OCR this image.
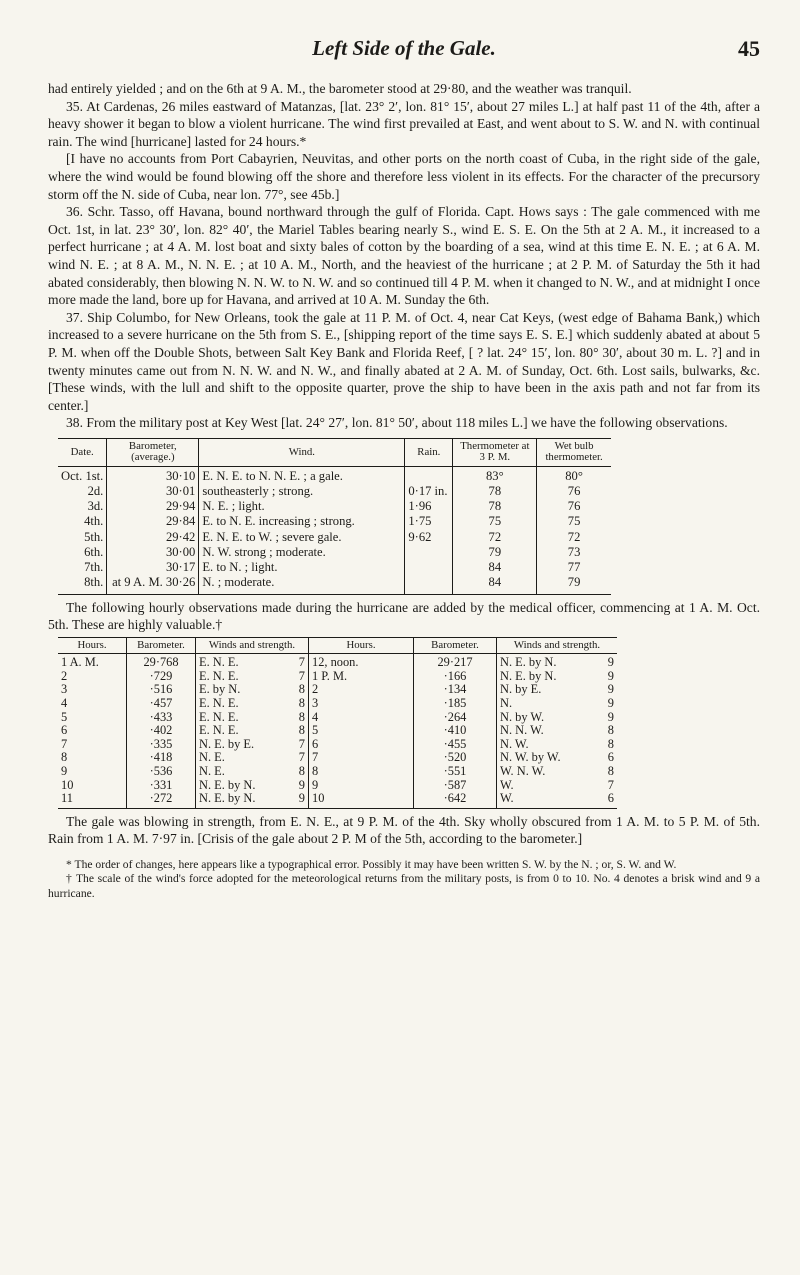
Left Side of the Gale.	45

had entirely yielded ; and on the 6th at 9 A. M., the barometer stood at 29·80, and the weather was tranquil.

35. At Cardenas, 26 miles eastward of Matanzas, [lat. 23° 2′, lon. 81° 15′, about 27 miles L.] at half past 11 of the 4th, after a heavy shower it began to blow a violent hurricane. The wind first prevailed at East, and went about to S. W. and N. with continual rain. The wind [hurricane] lasted for 24 hours.*

[I have no accounts from Port Cabayrien, Neuvitas, and other ports on the north coast of Cuba, in the right side of the gale, where the wind would be found blowing off the shore and therefore less violent in its effects. For the character of the precursory storm off the N. side of Cuba, near lon. 77°, see 45b.]

36. Schr. Tasso, off Havana, bound northward through the gulf of Florida. Capt. Hows says : The gale commenced with me Oct. 1st, in lat. 23° 30′, lon. 82° 40′, the Mariel Tables bearing nearly S., wind E. S. E. On the 5th at 2 A. M., it increased to a perfect hurricane ; at 4 A. M. lost boat and sixty bales of cotton by the boarding of a sea, wind at this time E. N. E. ; at 6 A. M. wind N. E. ; at 8 A. M., N. N. E. ; at 10 A. M., North, and the heaviest of the hurricane ; at 2 P. M. of Saturday the 5th it had abated considerably, then blowing N. N. W. to N. W. and so continued till 4 P. M. when it changed to N. W., and at midnight I once more made the land, bore up for Havana, and arrived at 10 A. M. Sunday the 6th.

37. Ship Columbo, for New Orleans, took the gale at 11 P. M. of Oct. 4, near Cat Keys, (west edge of Bahama Bank,) which increased to a severe hurricane on the 5th from S. E., [shipping report of the time says E. S. E.] which suddenly abated at about 5 P. M. when off the Double Shots, between Salt Key Bank and Florida Reef, [ ? lat. 24° 15′, lon. 80° 30′, about 30 m. L. ?] and in twenty minutes came out from N. N. W. and N. W., and finally abated at 2 A. M. of Sunday, Oct. 6th. Lost sails, bulwarks, &c. [These winds, with the lull and shift to the opposite quarter, prove the ship to have been in the axis path and not far from its center.]

38. From the military post at Key West [lat. 24° 27′, lon. 81° 50′, about 118 miles L.] we have the following observations.

Date.	Barometer, (average.)	Wind.	Rain.	Thermometer at 3 P. M.	Wet bulb thermometer.
Oct. 1st.	30·10	E. N. E. to N. N. E. ; a gale.		83°	80°
2d.	30·01	southeasterly ; strong.	0·17 in.	78	76
3d.	29·94	N. E. ; light.	1·96	78	76
4th.	29·84	E. to N. E. increasing ; strong.	1·75	75	75
5th.	29·42	E. N. E. to W. ; severe gale.	9·62	72	72
6th.	30·00	N. W. strong ; moderate.		79	73
7th.	30·17	E. to N. ; light.		84	77
8th.	at 9 A. M. 30·26	N. ; moderate.		84	79

The following hourly observations made during the hurricane are added by the medical officer, commencing at 1 A. M. Oct. 5th. These are highly valuable.†

Hours.	Barometer.	Winds and strength.		Hours.	Barometer.	Winds and strength.	
1 A. M.	29·768	E. N. E.	7	12, noon.	29·217	N. E. by N.	9
2	·729	E. N. E.	7	1 P. M.	·166	N. E. by N.	9
3	·516	E. by N.	8	2	·134	N. by E.	9
4	·457	E. N. E.	8	3	·185	N.	9
5	·433	E. N. E.	8	4	·264	N. by W.	9
6	·402	E. N. E.	8	5	·410	N. N. W.	8
7	·335	N. E. by E.	7	6	·455	N. W.	8
8	·418	N. E.	7	7	·520	N. W. by W.	6
9	·536	N. E.	8	8	·551	W. N. W.	8
10	·331	N. E. by N.	9	9	·587	W.	7
11	·272	N. E. by N.	9	10	·642	W.	6

The gale was blowing in strength, from E. N. E., at 9 P. M. of the 4th. Sky wholly obscured from 1 A. M. to 5 P. M. of 5th. Rain from 1 A. M. 7·97 in. [Crisis of the gale about 2 P. M of the 5th, according to the barometer.]

* The order of changes, here appears like a typographical error. Possibly it may have been written S. W. by the N. ; or, S. W. and W.

† The scale of the wind's force adopted for the meteorological returns from the military posts, is from 0 to 10. No. 4 denotes a brisk wind and 9 a hurricane.
